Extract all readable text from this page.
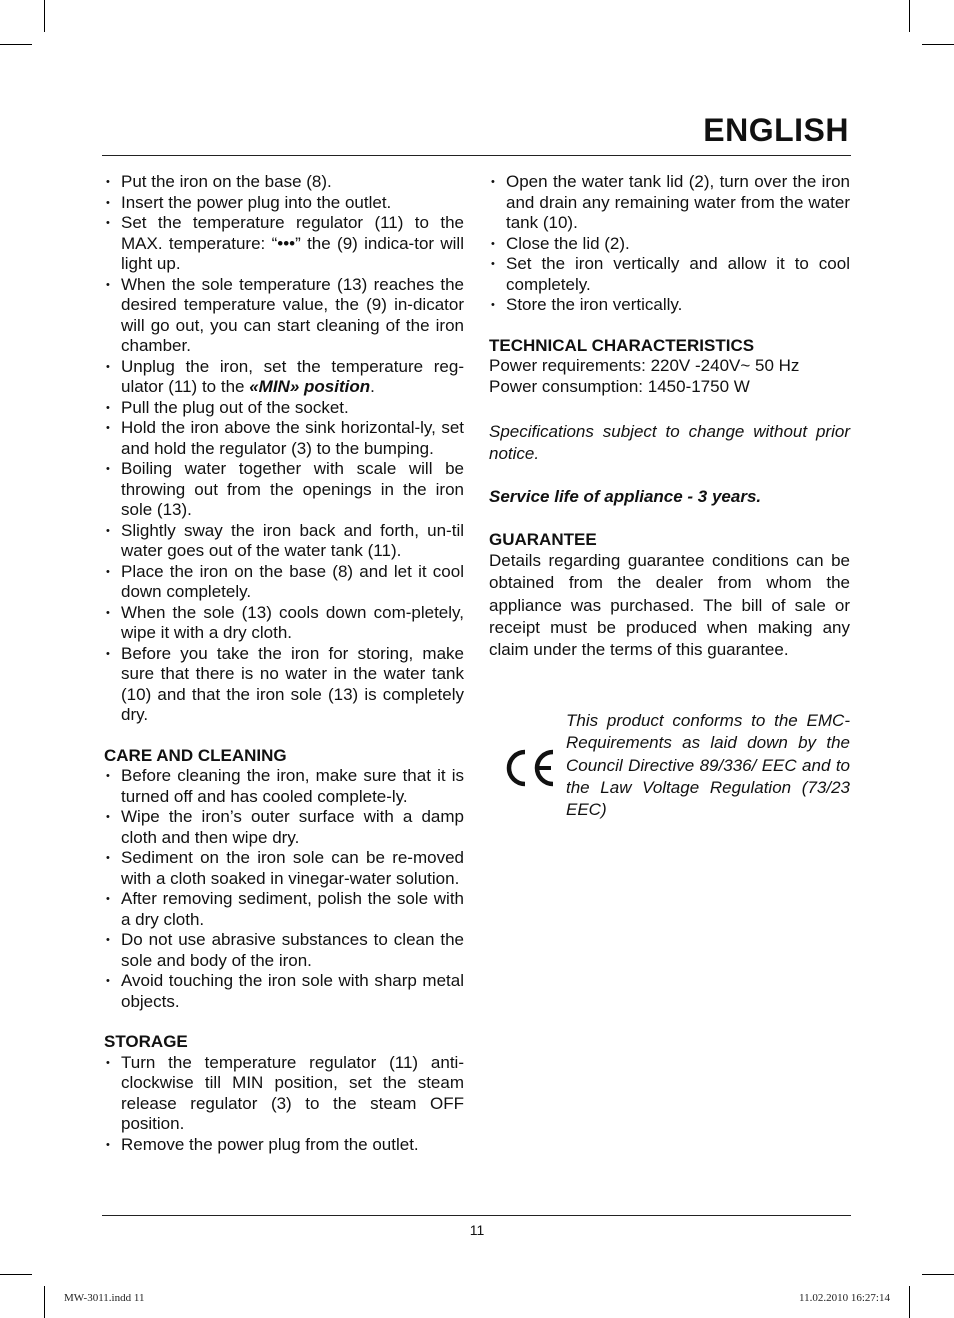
ENGLISH
• Put the iron on the base (8).
• Insert the power plug into the outlet.
• Set the temperature regulator (11) to the MAX. temperature: “•••” the (9) indica-tor will light up.
• When the sole temperature (13) reaches the desired temperature value, the (9) in-dicator will go out, you can start cleaning of the iron chamber.
• Unplug the iron, set the temperature reg-ulator (11) to the «MIN» position.
• Pull the plug out of the socket.
• Hold the iron above the sink horizontal-ly, set and hold the regulator (3) to the bumping.
• Boiling water together with scale will be throwing out from the openings in the iron sole (13).
• Slightly sway the iron back and forth, un-til water goes out of the water tank (11).
• Place the iron on the base (8) and let it cool down completely.
• When the sole (13) cools down com-pletely, wipe it with a dry cloth.
• Before you take the iron for storing, make sure that there is no water in the water tank (10) and that the iron sole (13) is completely dry.
CARE AND CLEANING
• Before cleaning the iron, make sure that it is turned off and has cooled complete-ly.
• Wipe the iron’s outer surface with a damp cloth and then wipe dry.
• Sediment on the iron sole can be re-moved with a cloth soaked in vinegar-water solution.
• After removing sediment, polish the sole with a dry cloth.
• Do not use abrasive substances to clean the sole and body of the iron.
• Avoid touching the iron sole with sharp metal objects.
STORAGE
• Turn the temperature regulator (11) anti-clockwise till MIN position, set the steam release regulator (3) to the steam OFF position.
• Remove the power plug from the outlet.
• Open the water tank lid (2), turn over the iron and drain any remaining water from the water tank (10).
• Close the lid (2).
• Set the iron vertically and allow it to cool completely.
• Store the iron vertically.
TECHNICAL CHARACTERISTICS

Power requirements: 220V -240V~ 50 Hz

Power consumption: 1450-1750 W

Specifications subject to change without prior notice.

Service life of appliance - 3 years.

GUARANTEE

Details regarding guarantee conditions can be obtained from the dealer from whom the appliance was purchased. The bill of sale or receipt must be produced when making any claim under the terms of this guarantee.

This product conforms to the EMC-Requirements as laid down by the Council Directive 89/336/ EEC and to the Law Voltage Regulation (73/23 EEC)

11
MW-3011.indd 11	11.02.2010 16:27:14
